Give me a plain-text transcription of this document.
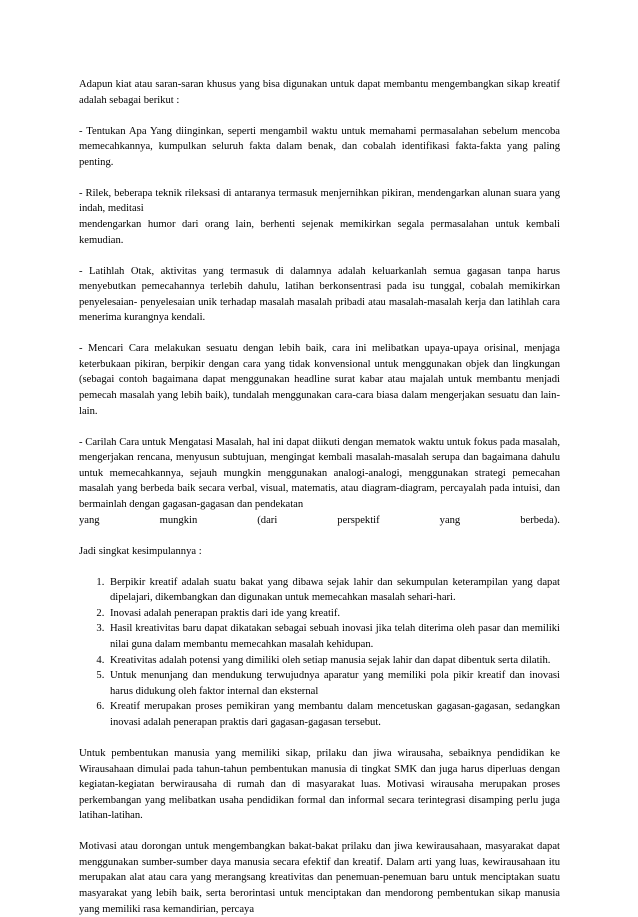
Adapun kiat atau saran-saran khusus yang bisa digunakan untuk dapat membantu mengembangkan sikap kreatif adalah sebagai berikut :

- Tentukan Apa Yang diinginkan, seperti mengambil waktu untuk memahami permasalahan sebelum mencoba memecahkannya, kumpulkan seluruh fakta dalam benak, dan cobalah identifikasi fakta-fakta yang paling penting.

- Rilek, beberapa teknik rileksasi di antaranya termasuk menjernihkan pikiran, mendengarkan alunan suara yang indah, meditasi

mendengarkan humor dari orang lain, berhenti sejenak memikirkan segala permasalahan untuk kembali kemudian.

- Latihlah Otak, aktivitas yang termasuk di dalamnya adalah keluarkanlah semua gagasan tanpa harus menyebutkan pemecahannya terlebih dahulu, latihan berkonsentrasi pada isu tunggal, cobalah memikirkan penyelesaian- penyelesaian unik terhadap masalah masalah pribadi atau masalah-masalah kerja dan latihlah cara menerima kurangnya kendali.

- Mencari Cara melakukan sesuatu dengan lebih baik, cara ini melibatkan upaya-upaya orisinal, menjaga keterbukaan pikiran, berpikir dengan cara yang tidak konvensional untuk menggunakan objek dan lingkungan (sebagai contoh bagaimana dapat menggunakan headline surat kabar atau majalah untuk membantu menjadi pemecah masalah yang lebih baik), tundalah menggunakan cara-cara biasa dalam mengerjakan sesuatu dan lain-lain.

- Carilah Cara untuk Mengatasi Masalah, hal ini dapat diikuti dengan mematok waktu untuk fokus pada masalah, mengerjakan rencana, menyusun subtujuan, mengingat kembali masalah-masalah serupa dan bagaimana dahulu untuk memecahkannya, sejauh mungkin menggunakan analogi-analogi, menggunakan strategi pemecahan masalah yang berbeda baik secara verbal, visual, matematis, atau diagram-diagram, percayalah pada intuisi, dan bermainlah dengan gagasan-gagasan dan pendekatan

yang	mungkin	(dari	perspektif	yang	berbeda).

Jadi singkat kesimpulannya :

1. Berpikir kreatif adalah suatu bakat yang dibawa sejak lahir dan sekumpulan keterampilan yang dapat dipelajari, dikembangkan dan digunakan untuk memecahkan masalah sehari-hari.
2. Inovasi adalah penerapan praktis dari ide yang kreatif.
3. Hasil kreativitas baru dapat dikatakan sebagai sebuah inovasi jika telah diterima oleh pasar dan memiliki nilai guna dalam membantu memecahkan masalah kehidupan.
4. Kreativitas adalah potensi yang dimiliki oleh setiap manusia sejak lahir dan dapat dibentuk serta dilatih.
5. Untuk menunjang dan mendukung terwujudnya aparatur yang memiliki pola pikir kreatif dan inovasi harus didukung oleh faktor internal dan eksternal
6. Kreatif merupakan proses pemikiran yang membantu dalam mencetuskan gagasan-gagasan, sedangkan inovasi adalah penerapan praktis dari gagasan-gagasan tersebut.

Untuk pembentukan manusia yang memiliki sikap, prilaku dan jiwa wirausaha, sebaiknya pendidikan ke Wirausahaan dimulai pada tahun-tahun pembentukan manusia di tingkat SMK dan juga harus diperluas dengan kegiatan-kegiatan berwirausaha di rumah dan di masyarakat luas. Motivasi wirausaha merupakan proses perkembangan yang melibatkan usaha pendidikan formal dan informal secara terintegrasi disamping perlu juga latihan-latihan.

Motivasi atau dorongan untuk mengembangkan bakat-bakat prilaku dan jiwa kewirausahaan, masyarakat dapat menggunakan sumber-sumber daya manusia secara efektif dan kreatif. Dalam arti yang luas, kewirausahaan itu merupakan alat atau cara yang merangsang kreativitas dan penemuan-penemuan baru untuk menciptakan suatu masyarakat yang lebih baik, serta berorintasi untuk menciptakan dan mendorong pembentukan sikap manusia yang memiliki rasa kemandirian, percaya
